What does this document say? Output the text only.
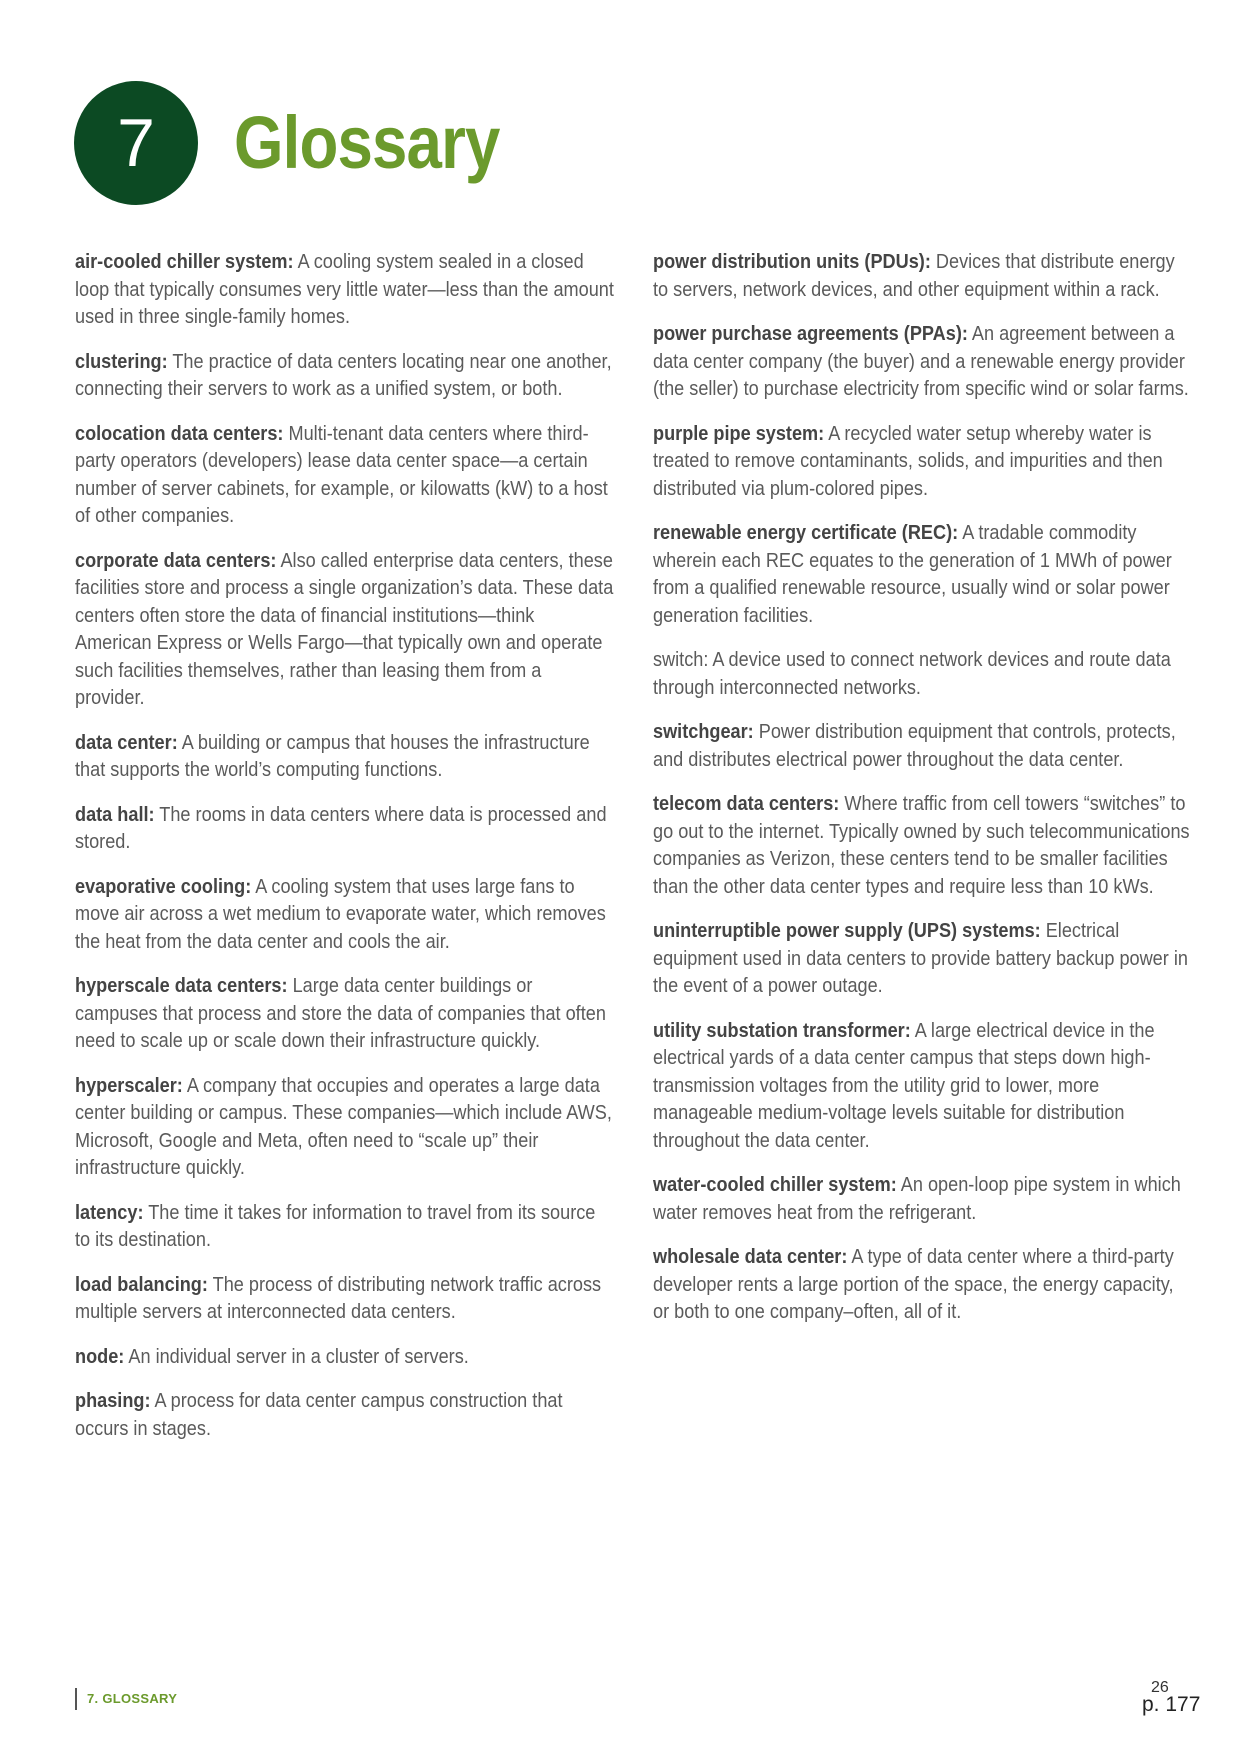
7	Glossary

air-cooled chiller system: A cooling system sealed in a closed loop that typically consumes very little water—less than the amount used in three single-family homes.

clustering: The practice of data centers locating near one another, connecting their servers to work as a unified system, or both.

colocation data centers: Multi-tenant data centers where third-party operators (developers) lease data center space—a certain number of server cabinets, for example, or kilowatts (kW) to a host of other companies.

corporate data centers: Also called enterprise data centers, these facilities store and process a single organization’s data. These data centers often store the data of financial institutions—think American Express or Wells Fargo—that typically own and operate such facilities themselves, rather than leasing them from a provider.

data center: A building or campus that houses the infrastructure that supports the world’s computing functions.

data hall: The rooms in data centers where data is processed and stored.

evaporative cooling: A cooling system that uses large fans to move air across a wet medium to evaporate water, which removes the heat from the data center and cools the air.

hyperscale data centers: Large data center buildings or campuses that process and store the data of companies that often need to scale up or scale down their infrastructure quickly.

hyperscaler: A company that occupies and operates a large data center building or campus. These companies—which include AWS, Microsoft, Google and Meta, often need to “scale up” their infrastructure quickly.

latency: The time it takes for information to travel from its source to its destination.

load balancing: The process of distributing network traffic across multiple servers at interconnected data centers.

node: An individual server in a cluster of servers.

phasing: A process for data center campus construction that occurs in stages.

power distribution units (PDUs): Devices that distribute energy to servers, network devices, and other equipment within a rack.

power purchase agreements (PPAs): An agreement between a data center company (the buyer) and a renewable energy provider (the seller) to purchase electricity from specific wind or solar farms.

purple pipe system: A recycled water setup whereby water is treated to remove contaminants, solids, and impurities and then distributed via plum-colored pipes.

renewable energy certificate (REC): A tradable commodity wherein each REC equates to the generation of 1 MWh of power from a qualified renewable resource, usually wind or solar power generation facilities.

switch: A device used to connect network devices and route data through interconnected networks.

switchgear: Power distribution equipment that controls, protects, and distributes electrical power throughout the data center.

telecom data centers: Where traffic from cell towers “switches” to go out to the internet. Typically owned by such telecommunications companies as Verizon, these centers tend to be smaller facilities than the other data center types and require less than 10 kWs.

uninterruptible power supply (UPS) systems: Electrical equipment used in data centers to provide battery backup power in the event of a power outage.

utility substation transformer: A large electrical device in the electrical yards of a data center campus that steps down high-transmission voltages from the utility grid to lower, more manageable medium-voltage levels suitable for distribution throughout the data center.

water-cooled chiller system: An open-loop pipe system in which water removes heat from the refrigerant.

wholesale data center: A type of data center where a third-party developer rents a large portion of the space, the energy capacity, or both to one company–often, all of it.

7. GLOSSARY
26
p. 177
